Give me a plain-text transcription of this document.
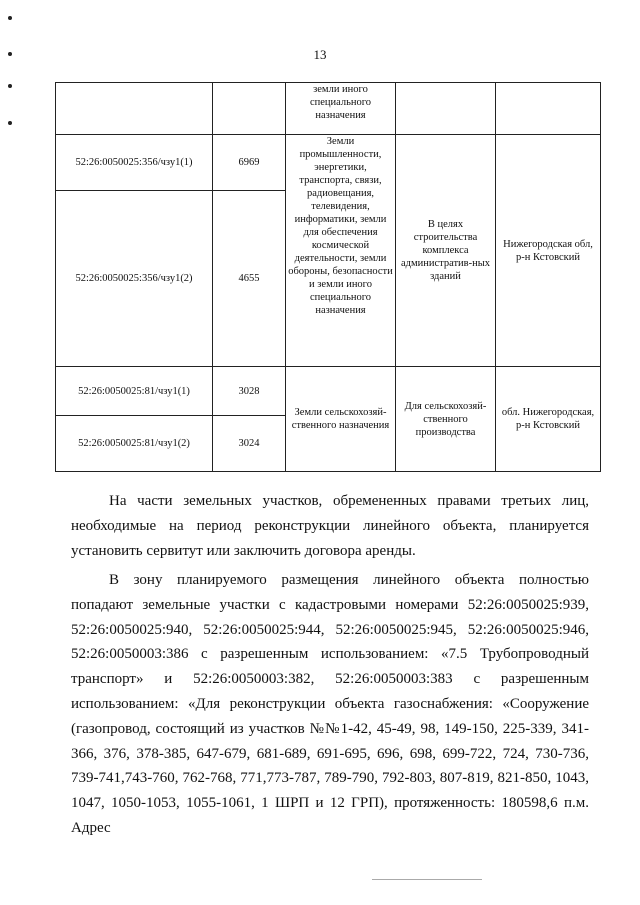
13
		земли иного специального назначения		
52:26:0050025:356/чзу1(1)	6969	Земли промышленности, энергетики, транспорта, связи, радиовещания, телевидения, информатики, земли для обеспечения космической деятельности, земли обороны, безопасности и земли иного специального назначения	В целях строительства комплекса административ-ных зданий	Нижегородская обл, р-н Кстовский
52:26:0050025:356/чзу1(2)	4655			
52:26:0050025:81/чзу1(1)	3028	Земли сельскохозяй-ственного назначения	Для сельскохозяй-ственного производства	обл. Нижегородская, р-н Кстовский
52:26:0050025:81/чзу1(2)	3024			

На части земельных участков, обремененных правами третьих лиц, необходимые на период реконструкции линейного объекта, планируется установить сервитут или заключить договора аренды.

В зону планируемого размещения линейного объекта полностью попадают земельные участки с кадастровыми номерами 52:26:0050025:939, 52:26:0050025:940, 52:26:0050025:944, 52:26:0050025:945, 52:26:0050025:946, 52:26:0050003:386 с разрешенным использованием: «7.5 Трубопроводный транспорт» и 52:26:0050003:382, 52:26:0050003:383 с разрешенным использованием: «Для реконструкции объекта газоснабжения: «Сооружение (газопровод, состоящий из участков №№1-42, 45-49, 98, 149-150, 225-339, 341-366, 376, 378-385, 647-679, 681-689, 691-695, 696, 698, 699-722, 724, 730-736, 739-741,743-760, 762-768, 771,773-787, 789-790, 792-803, 807-819, 821-850, 1043, 1047, 1050-1053, 1055-1061, 1 ШРП и 12 ГРП), протяженность: 180598,6 п.м. Адрес
